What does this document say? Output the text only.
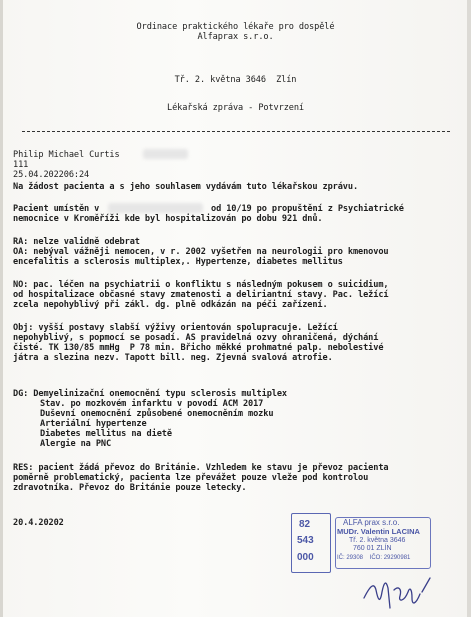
Ordinace praktického lékaře pro dospělé
Alfaprax s.r.o.
Tř. 2. května 3646  Zlín
Lékařská zpráva - Potvrzení
Philip Michael Curtis
111
25.04.202206:24
Na žádost pacienta a s jeho souhlasem vydávám tuto lékařskou zprávu.
Pacient umístěn v	od 10/19 po propuštění z Psychiatrické
nemocnice v Kroměříži kde byl hospitalizován po dobu 921 dnů.
RA: nelze validně odebrat
OA: nebýval vážněji nemocen, v r. 2002 vyšetřen na neurologii pro kmenovou
encefalitis a sclerosis multiplex,. Hypertenze, diabetes mellitus
NO: pac. léčen na psychiatrii o konfliktu s následným pokusem o suicidium,
od hospitalizace občasné stavy zmatenosti a deliriantní stavy. Pac. ležící
zcela nepohyblivý při zákl. dg. plně odkázán na péči zařízení.
Obj: vyšší postavy slabší výživy orientován spolupracuje. Ležící
nepohyblivý, s popmocí se posadí. AS pravidelná ozvy ohraničená, dýchání
čisté. TK 130/85 mmHg  P 78 min. Břicho měkké prohmatné palp. nebolestivé
játra a slezina nezv. Tapott bill. neg. Zjevná svalová atrofie.
DG: Demyelinizační onemocnění typu sclerosis multiplex
Stav. po mozkovém infarktu v povodí ACM 2017
Duševní onemocnění způsobené onemocněním mozku
Arteriální hypertenze
Diabetes mellitus na dietě
Alergie na PNC
RES: pacient žádá převoz do Británie. Vzhledem ke stavu je převoz pacienta
poměrně problematický, pacienta lze převážet pouze vleže pod kontrolou
zdravotníka. Převoz do Británie pouze letecky.
20.4.20202	82
543
000
ALFA prax s.r.o.
MUDr. Valentin LACINA
Tř. 2. května 3646
760 01 ZLÍN
IČ: 29308    IČO: 29290981
